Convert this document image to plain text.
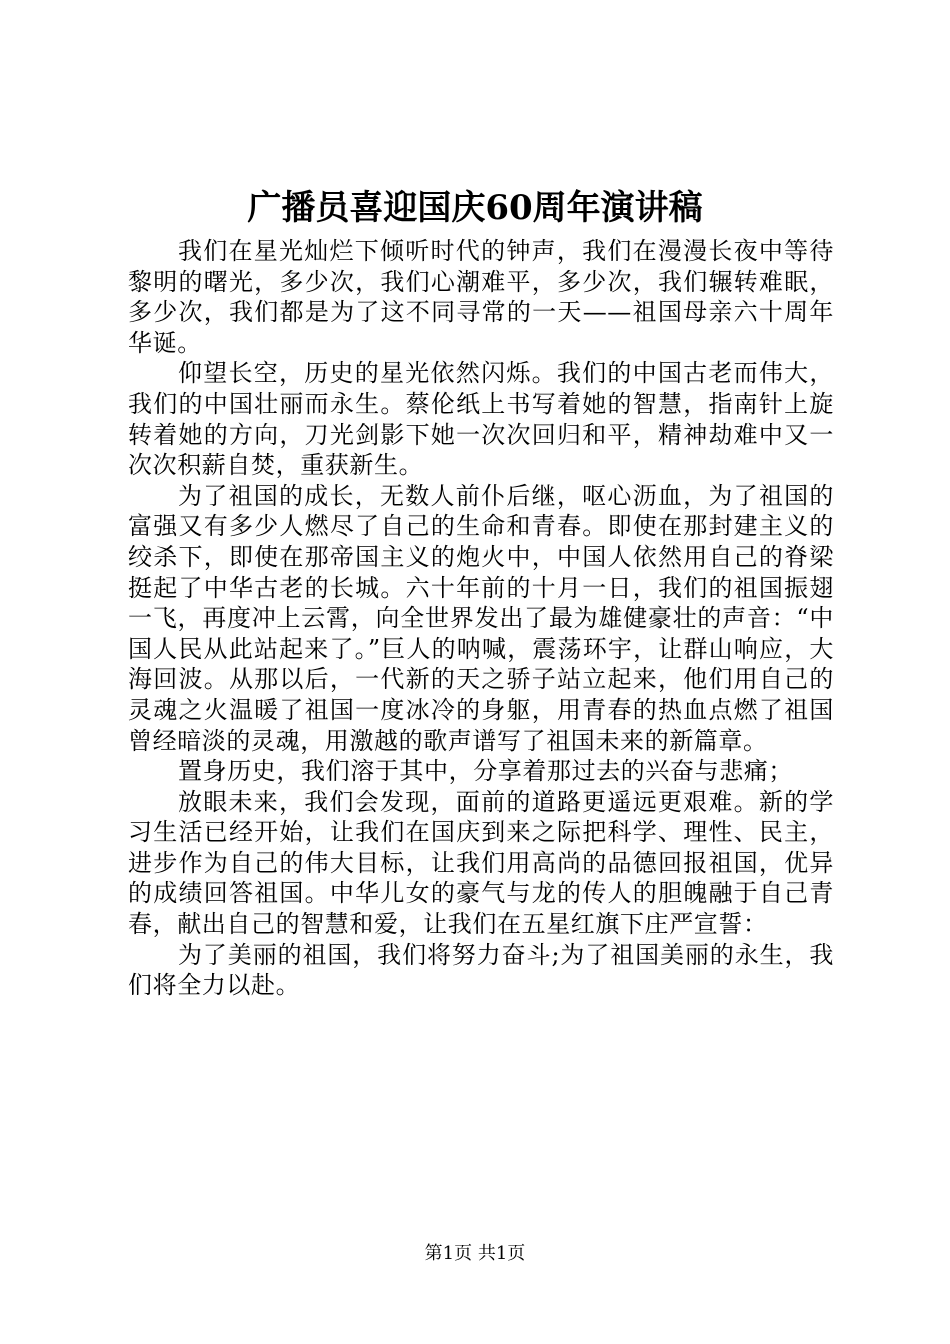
广播员喜迎国庆60周年演讲稿

我们在星光灿烂下倾听时代的钟声，我们在漫漫长夜中等待黎明的曙光，多少次，我们心潮难平，多少次，我们辗转难眠，多少次，我们都是为了这不同寻常的一天——祖国母亲六十周年华诞。

仰望长空，历史的星光依然闪烁。我们的中国古老而伟大，我们的中国壮丽而永生。蔡伦纸上书写着她的智慧，指南针上旋转着她的方向，刀光剑影下她一次次回归和平，精神劫难中又一次次积薪自焚，重获新生。

为了祖国的成长，无数人前仆后继，呕心沥血，为了祖国的富强又有多少人燃尽了自己的生命和青春。即使在那封建主义的绞杀下，即使在那帝国主义的炮火中，中国人依然用自己的脊梁挺起了中华古老的长城。六十年前的十月一日，我们的祖国振翅一飞，再度冲上云霄，向全世界发出了最为雄健豪壮的声音：“中国人民从此站起来了。”巨人的呐喊，震荡环宇，让群山响应，大海回波。从那以后，一代新的天之骄子站立起来，他们用自己的灵魂之火温暖了祖国一度冰冷的身躯，用青春的热血点燃了祖国曾经暗淡的灵魂，用激越的歌声谱写了祖国未来的新篇章。

置身历史，我们溶于其中，分享着那过去的兴奋与悲痛；

放眼未来，我们会发现，面前的道路更遥远更艰难。新的学习生活已经开始，让我们在国庆到来之际把科学、理性、民主，进步作为自己的伟大目标，让我们用高尚的品德回报祖国，优异的成绩回答祖国。中华儿女的豪气与龙的传人的胆魄融于自己青春，献出自己的智慧和爱，让我们在五星红旗下庄严宣誓：

为了美丽的祖国，我们将努力奋斗;为了祖国美丽的永生，我们将全力以赴。

第1页 共1页
